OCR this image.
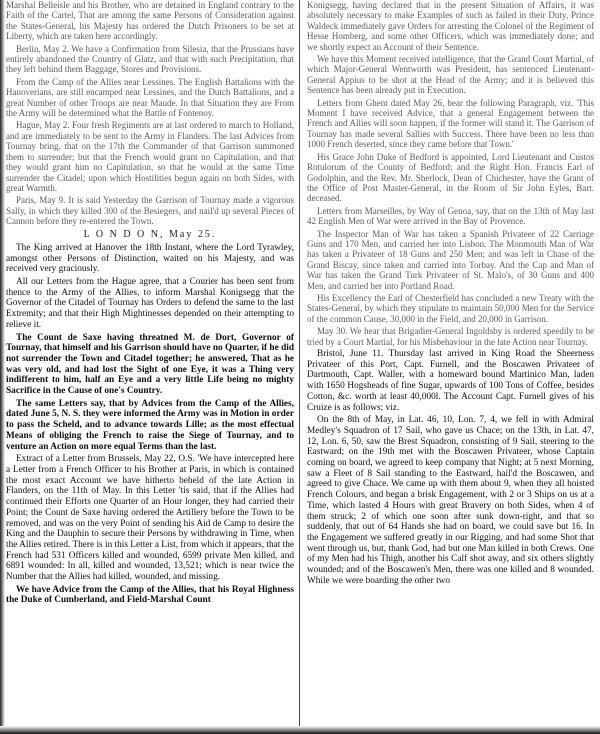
Marshal Belleisle and his Brother, who are detained in England contrary to the Faith of the Cartel, That are among the same Persons of Consideration against the States-General, his Majesty has ordered the Dutch Prisoners to be set at Liberty, which are taken here accordingly.

Berlin, May 2. We have a Confirmation from Silesia, that the Prussians have entirely abandoned the Country of Glatz, and that with such Precipitation, that they left behind them Baggage, Stores and Provisions.

From the Camp of the Allies near Lessines. The English Battalions with the Hanoverians, are still encamped near Lessines, and the Dutch Battalions, and a great Number of other Troops are near Maude. In that Situation they are From the Army will be determined what the Battle of Fontenoy.

Hague, May 2. Four fresh Regiments are at last ordered to march to Holland, and are immediately to be sent to the Army in Flanders. The last Advices from Tournay bring, that on the 17th the Commander of that Garrison summoned them to surrender; but that the French would grant no Capitulation, and that they would grant him no Capitulation, so that he would at the same Time surrender the Citadel; upon which Hostilities begun again on both Sides, with great Warmth.

Paris, May 9. It is said Yesterday the Garrison of Tournay made a vigorous Sally, in which they killed 300 of the Besiegers, and nail'd up several Pieces of Cannon before they re-entered the Town.

L O N D O N, May 25.

The King arrived at Hanover the 18th Instant, where the Lord Tyrawley, amongst other Persons of Distinction, waited on his Majesty, and was received very graciously.

All our Letters from the Hague agree, that a Courier has been sent from thence to the Army of the Allies, to inform Marshal Konigsegg that the Governor of the Citadel of Tournay has Orders to defend the same to the last Extremity; and that their High Mightinesses depended on their attempting to relieve it.

The Count de Saxe having threatned M. de Dort, Governor of Tournay, that himself and his Garrison should have no Quarter, if he did not surrender the Town and Citadel together; he answered, That as he was very old, and had lost the Sight of one Eye, it was a Thing very indifferent to him, half an Eye and a very little Life being no mighty Sacrifice in the Cause of one's Country.

The same Letters say, that by Advices from the Camp of the Allies, dated June 5, N. S. they were informed the Army was in Motion in order to pass the Scheld, and to advance towards Lille; as the most effectual Means of obliging the French to raise the Siege of Tournay, and to venture an Action on more equal Terms than the last.

Extract of a Letter from Brussels, May 22, O.S. 'We have intercepted here a Letter from a French Officer to his Brother at Paris, in which is contained the most exact Account we have hitherto beheld of the late Action in Flanders, on the 11th of May. In this Letter 'tis said, that if the Allies had continued their Efforts one Quarter of an Hour longer, they had carried their Point; the Count de Saxe having ordered the Artillery before the Town to be removed, and was on the very Point of sending his Aid de Camp to desire the King and the Dauphin to secure their Persons by withdrawing in Time, when the Allies retired. There is in this Letter a List, from which it appears, that the French had 531 Officers killed and wounded, 6599 private Men killed, and 6891 wounded: In all, killed and wounded, 13,521; which is near twice the Number that the Allies had killed, wounded, and missing.

We have Advice from the Camp of the Allies, that his Royal Highness the Duke of Cumberland, and Field-Marshal Count

Konigsegg, having declared that in the present Situation of Affairs, it was absolutely necessary to make Examples of such as failed in their Duty, Prince Waldeck immediately gave Orders for arresting the Colonel of the Regiment of Hesse Homberg, and some other Officers, which was immediately done; and we shortly expect an Account of their Sentence.

We have this Moment received intelligence, that the Grand Court Martial, of which Major-General Wentworth was President, has sentenced Lieutenant-General Appius to be shot at the Head of the Army; and it is believed this Sentence has been already put in Execution.

Letters from Ghent dated May 26, bear the following Paragraph, viz. 'This Moment I have received Advice, that a general Engagement between the French and Allies will soon happen, if the former will stand it. The Garrison of Tournay has made several Sallies with Success. There have been no less than 1000 French deserted, since they came before that Town.'

His Grace John Duke of Bedford is appointed, Lord Lieutenant and Custos Rotulorum of the County of Bedford; and the Right Hon. Francis Earl of Godolphin, and the Rev. Mr. Sherlock, Dean of Chichester, have the Grant of the Office of Post Master-General, in the Room of Sir John Eyles, Bart. deceased.

Letters from Marseilles, by Way of Genoa, say, that on the 13th of May last 42 English Men of War were arrived in the Bay of Provence.

The Inspector Man of War has taken a Spanish Privateer of 22 Carriage Guns and 170 Men, and carried her into Lisbon. The Monmouth Man of War has taken a Privateer of 18 Guns and 250 Men; and was left in Chase of the Grand Biscay, since taken and carried into Torbay. And the Cap and Man of War has taken the Grand Turk Privateer of St. Malo's, of 30 Guns and 400 Men, and carried her into Portland Road.

His Excellency the Earl of Chesterfield has concluded a new Treaty with the States-General, by which they stipulate to maintain 50,000 Men for the Service of the common Cause, 30,000 in the Field, and 20,000 in Garrison.

May 30. We hear that Brigadier-General Ingoldsby is ordered speedily to be tried by a Court Martial, for his Misbehaviour in the late Action near Tournay.

Bristol, June 11. Thursday last arrived in King Road the Sheerness Privateer of this Port, Capt. Furnell, and the Boscawen Privateer of Dartmouth, Capt. Waller, with a homeward bound Martinico Man, laden with 1650 Hogsheads of fine Sugar, upwards of 100 Tons of Coffee, besides Cotton, &c. worth at least 40,000l. The Account Capt. Furnell gives of his Cruize is as follows; viz.

On the 8th of May, in Lat. 46, 10, Lon. 7, 4, we fell in with Admiral Medley's Squadron of 17 Sail, who gave us Chace; on the 13th, in Lat. 47, 12, Lon. 6, 50, saw the Brest Squadron, consisting of 9 Sail, steering to the Eastward; on the 19th met with the Boscawen Privateer, whose Captain coming on board, we agreed to keep company that Night; at 5 next Morning, saw a Fleet of 8 Sail standing to the Eastward, hail'd the Boscawen, and agreed to give Chace. We came up with them about 9, when they all hoisted French Colours, and began a brisk Engagement, with 2 or 3 Ships on us at a Time, which lasted 4 Hours with great Bravery on both Sides, when 4 of them struck; 2 of which one soon after sunk down-right, and that so suddenly, that out of 64 Hands she had on board, we could save but 16. In the Engagement we suffered greatly in our Rigging, and had some Shot that went through us, but, thank God, had but one Man killed in both Crews. One of my Men had his Thigh, another his Calf shot away, and six others slightly wounded; and of the Boscawen's Men, there was one killed and 8 wounded. While we were boarding the other two
